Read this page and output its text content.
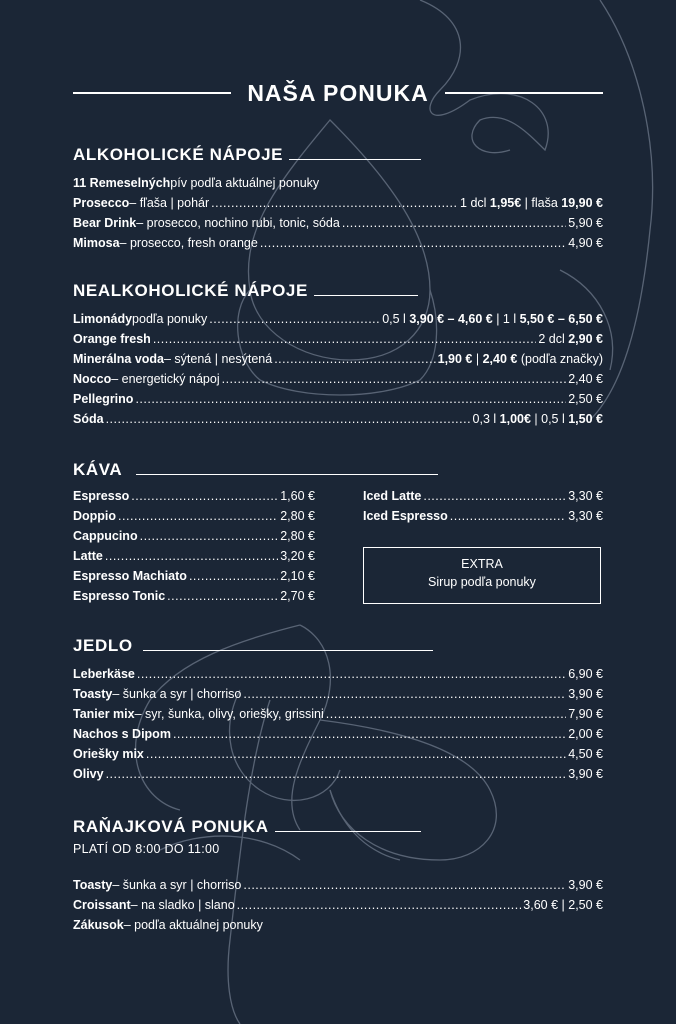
NAŠA PONUKA
ALKOHOLICKÉ NÁPOJE
11 Remeselných pív podľa aktuálnej ponuky
Prosecco – fľaša | pohár .....	1 dcl 1,95€ | flaša 19,90 €
Bear Drink – prosecco, nochino rubi, tonic, sóda .....	5,90 €
Mimosa – prosecco, fresh orange .....	4,90 €
NEALKOHOLICKÉ NÁPOJE
Limonády podľa ponuky .....	0,5 l 3,90 € – 4,60 € | 1 l 5,50 € – 6,50 €
Orange fresh .....	2 dcl 2,90 €
Minerálna voda – sýtená | nesýtená .....	1,90 € | 2,40 € (podľa značky)
Nocco – energetický nápoj .....	2,40 €
Pellegrino .....	2,50 €
Sóda .....	0,3 l 1,00€ | 0,5 l 1,50 €
KÁVA
Espresso .....	1,60 €
Doppio .....	2,80 €
Cappucino .....	2,80 €
Latte .....	3,20 €
Espresso Machiato .....	2,10 €
Espresso Tonic .....	2,70 €
Iced Latte .....	3,30 €
Iced Espresso .....	3,30 €
EXTRA
Sirup podľa ponuky
JEDLO
Leberkäse .....	6,90 €
Toasty – šunka a syr | chorriso .....	3,90 €
Tanier mix – syr, šunka, olivy, oriešky, grissini .....	7,90 €
Nachos s Dipom .....	2,00 €
Oriešky mix .....	4,50 €
Olivy .....	3,90 €
RAŇAJKOVÁ PONUKA
PLATÍ OD 8:00 DO 11:00
Toasty – šunka a syr | chorriso .....	3,90 €
Croissant – na sladko | slano .....	3,60 € | 2,50 €
Zákusok – podľa aktuálnej ponuky
